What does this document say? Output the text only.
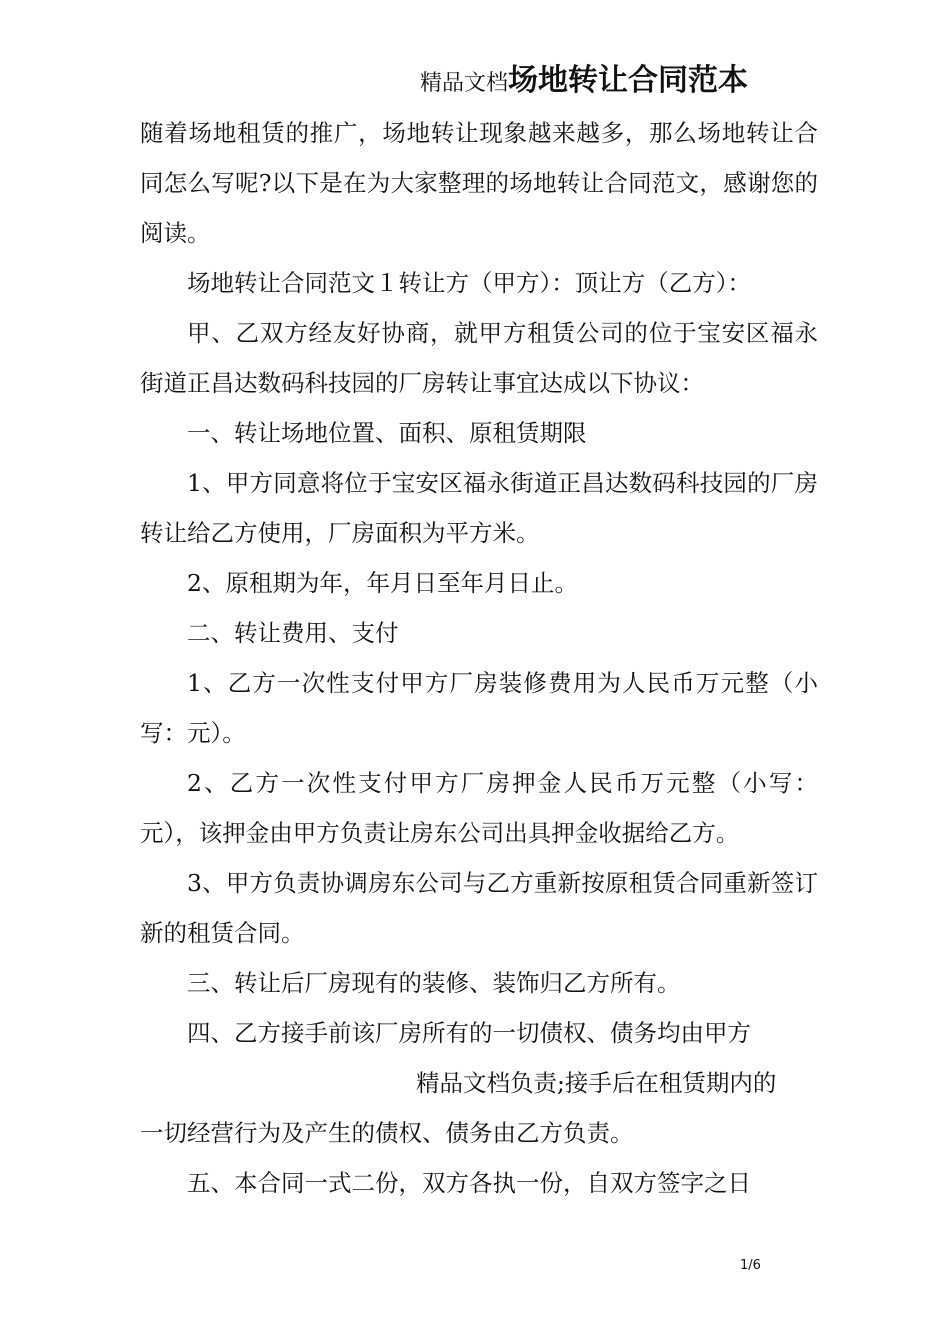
精品文档场地转让合同范本

随着场地租赁的推广，场地转让现象越来越多，那么场地转让合同怎么写呢?以下是在为大家整理的场地转让合同范文，感谢您的阅读。

场地转让合同范文１转让方（甲方）：顶让方（乙方）：

甲、乙双方经友好协商，就甲方租赁公司的位于宝安区福永街道正昌达数码科技园的厂房转让事宜达成以下协议：

一、转让场地位置、面积、原租赁期限

1、甲方同意将位于宝安区福永街道正昌达数码科技园的厂房转让给乙方使用，厂房面积为平方米。

2、原租期为年，年月日至年月日止。

二、转让费用、支付

1、乙方一次性支付甲方厂房装修费用为人民币万元整（小写：元）。

2、乙方一次性支付甲方厂房押金人民币万元整（小写：元），该押金由甲方负责让房东公司出具押金收据给乙方。

3、甲方负责协调房东公司与乙方重新按原租赁合同重新签订新的租赁合同。

三、转让后厂房现有的装修、装饰归乙方所有。

四、乙方接手前该厂房所有的一切债权、债务均由甲方

精品文档负责;接手后在租赁期内的

一切经营行为及产生的债权、债务由乙方负责。

五、本合同一式二份，双方各执一份，自双方签字之日

1/6
